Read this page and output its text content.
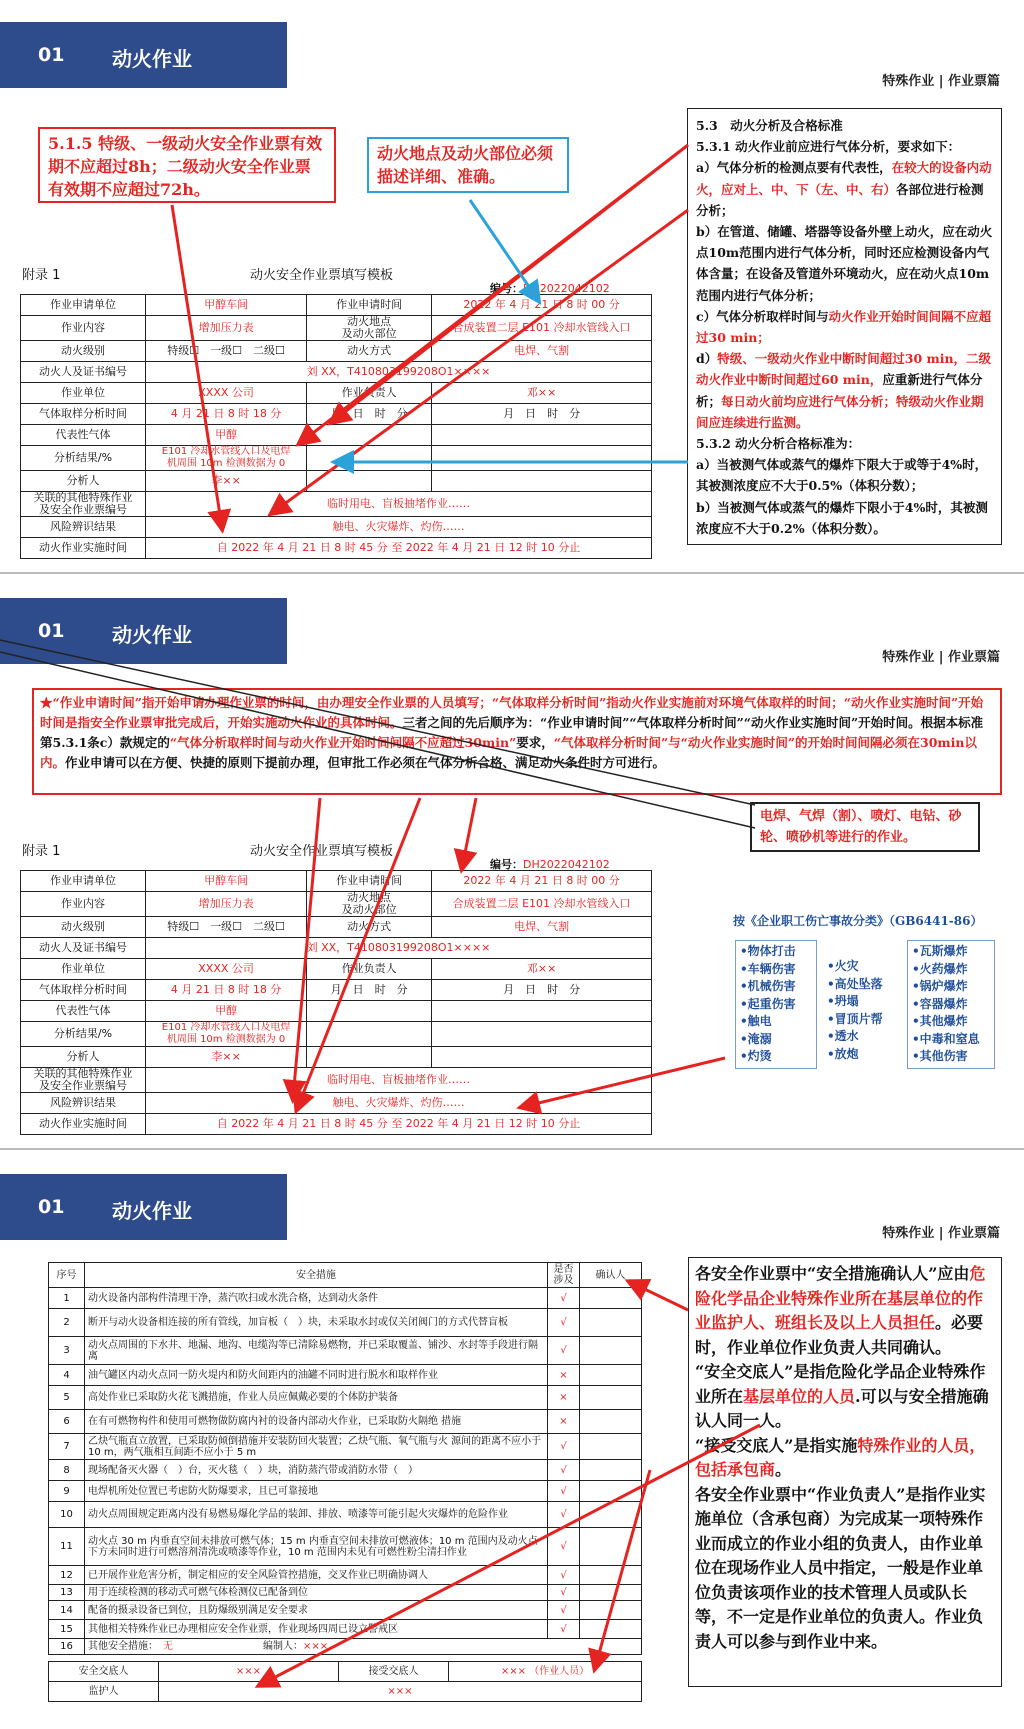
01 动火作业
特殊作业 | 作业票篇
5.1.5 特级、一级动火安全作业票有效期不应超过8h；二级动火安全作业票有效期不应超过72h。
动火地点及动火部位必须描述详细、准确。
5.3　动火分析及合格标准
5.3.1 动火作业前应进行气体分析，要求如下：
a）气体分析的检测点要有代表性，在较大的设备内动火，应对上、中、下（左、中、右）各部位进行检测分析；
b）在管道、储罐、塔器等设备外壁上动火，应在动火点10m范围内进行气体分析，同时还应检测设备内气体含量；在设备及管道外环境动火，应在动火点10m范围内进行气体分析；
c）气体分析取样时间与动火作业开始时间间隔不应超过30 min；
d）特级、一级动火作业中断时间超过30 min，二级动火作业中断时间超过60 min，应重新进行气体分析；每日动火前均应进行气体分析；特级动火作业期间应连续进行监测。
5.3.2 动火分析合格标准为：
a）当被测气体或蒸气的爆炸下限大于或等于4%时，其被测浓度应不大于0.5%（体积分数）；
b）当被测气体或蒸气的爆炸下限小于4%时，其被测浓度应不大于0.2%（体积分数）。
附录 1	动火安全作业票填写模板
编号：DH2022042102
作业申请单位	甲醇车间	作业申请时间	2022 年 4 月 21 日 8 时 00 分
作业内容	增加压力表	动火地点
及动火部位	合成装置二层 E101 冷却水管线入口
动火级别	特级☐　一级☐　二级☐	动火方式	电焊、气割
动火人及证书编号	刘 XX，T410803199208O1××××		
作业单位	XXXX 公司	作业负责人	邓××
气体取样分析时间	4 月 21 日 8 时 18 分	月　日　时　分	月　日　时　分
代表性气体	甲醇		
分析结果/%	E101 冷却水管线入口及电焊
机周围 10m 检测数据为 0		
分析人	李××		
关联的其他特殊作业
及安全作业票编号	临时用电、盲板抽堵作业……		
风险辨识结果	触电、火灾爆炸、灼伤……		
动火作业实施时间	自 2022 年 4 月 21 日 8 时 45 分 至 2022 年 4 月 21 日 12 时 10 分止		
01 动火作业
特殊作业 | 作业票篇
★“作业申请时间”指开始申请办理作业票的时间，由办理安全作业票的人员填写；“气体取样分析时间”指动火作业实施前对环境气体取样的时间；“动火作业实施时间”开始时间是指安全作业票审批完成后，开始实施动火作业的具体时间。三者之间的先后顺序为：“作业申请时间”“气体取样分析时间”“动火作业实施时间”开始时间。根据本标准第5.3.1条c）款规定的“气体分析取样时间与动火作业开始时间间隔不应超过30min”要求，“气体取样分析时间”与“动火作业实施时间”的开始时间间隔必须在30min以内。作业申请可以在方便、快捷的原则下提前办理，但审批工作必须在气体分析合格、满足动火条件时方可进行。
电焊、气焊（割）、喷灯、电钻、砂轮、喷砂机等进行的作业。
附录 1	动火安全作业票填写模板
编号：DH2022042102
作业申请单位	甲醇车间	作业申请时间	2022 年 4 月 21 日 8 时 00 分
作业内容	增加压力表	动火地点
及动火部位	合成装置二层 E101 冷却水管线入口
动火级别	特级☐　一级☐　二级☐	动火方式	电焊、气割
动火人及证书编号	刘 XX，T410803199208O1××××		
作业单位	XXXX 公司	作业负责人	邓××
气体取样分析时间	4 月 21 日 8 时 18 分	月　日　时　分	月　日　时　分
代表性气体	甲醇		
分析结果/%	E101 冷却水管线入口及电焊
机周围 10m 检测数据为 0		
分析人	李××		
关联的其他特殊作业
及安全作业票编号	临时用电、盲板抽堵作业……		
风险辨识结果	触电、火灾爆炸、灼伤……		
动火作业实施时间	自 2022 年 4 月 21 日 8 时 45 分 至 2022 年 4 月 21 日 12 时 10 分止		
按《企业职工伤亡事故分类》（GB6441-86）
•物体打击
•车辆伤害
•机械伤害
•起重伤害
•触电
•淹溺
•灼烫
•火灾
•高处坠落
•坍塌
•冒顶片帮
•透水
•放炮
•瓦斯爆炸
•火药爆炸
•锅炉爆炸
•容器爆炸
•其他爆炸
•中毒和窒息
•其他伤害
01 动火作业
特殊作业 | 作业票篇
序号	安全措施	是否
涉及	确认人
1	动火设备内部构件清理干净，蒸汽吹扫或水洗合格，达到动火条件	√	
2	断开与动火设备相连接的所有管线，加盲板（　）块，未采取水封或仅关闭阀门的方式代替盲板	√	
3	动火点周围的下水井、地漏、地沟、电缆沟等已清除易燃物，并已采取覆盖、铺沙、水封等手段进行隔离	√	
4	油气罐区内动火点同一防火堤内和防火间距内的油罐不同时进行脱水和取样作业	×	
5	高处作业已采取防火花飞溅措施，作业人员应佩戴必要的个体防护装备	×	
6	在有可燃物构件和使用可燃物做防腐内衬的设备内部动火作业，已采取防火隔绝 措施	×	
7	乙炔气瓶直立放置，已采取防倾倒措施并安装防回火装置；乙炔气瓶、氧气瓶与火 源间的距离不应小于 10 m，两气瓶相互间距不应小于 5 m	√	
8	现场配备灭火器（　）台，灭火毯（　）块，消防蒸汽带或消防水带（　）	√	
9	电焊机所处位置已考虑防火防爆要求，且已可靠接地	√	
10	动火点周围规定距离内没有易燃易爆化学品的装卸、排放、喷漆等可能引起火灾爆炸的危险作业	√	
11	动火点 30 m 内垂直空间未排放可燃气体；15 m 内垂直空间未排放可燃液体；10 m 范围内及动火点下方未同时进行可燃溶剂清洗或喷漆等作业，10 m 范围内未见有可燃性粉尘清扫作业	√	
12	已开展作业危害分析，制定相应的安全风险管控措施，交叉作业已明确协调人	√	
13	用于连续检测的移动式可燃气体检测仪已配备到位	√	
14	配备的摄录设备已到位，且防爆级别满足安全要求	√	
15	其他相关特殊作业已办理相应安全作业票，作业现场四周已设立警戒区	√	
16	其他安全措施：　 无　　　　　　　　　 编制人：×××		
安全交底人	×××	接受交底人	××× （作业人员）
监护人	×××		
各安全作业票中“安全措施确认人”应由危险化学品企业特殊作业所在基层单位的作业监护人、班组长及以上人员担任。必要时，作业单位作业负责人共同确认。
“安全交底人”是指危险化学品企业特殊作业所在基层单位的人员.可以与安全措施确认人同一人。
“接受交底人”是指实施特殊作业的人员，包括承包商。
各安全作业票中“作业负责人”是指作业实施单位（含承包商）为完成某一项特殊作业而成立的作业小组的负责人，由作业单位在现场作业人员中指定，一般是作业单位负责该项作业的技术管理人员或队长等，不一定是作业单位的负责人。作业负责人可以参与到作业中来。
